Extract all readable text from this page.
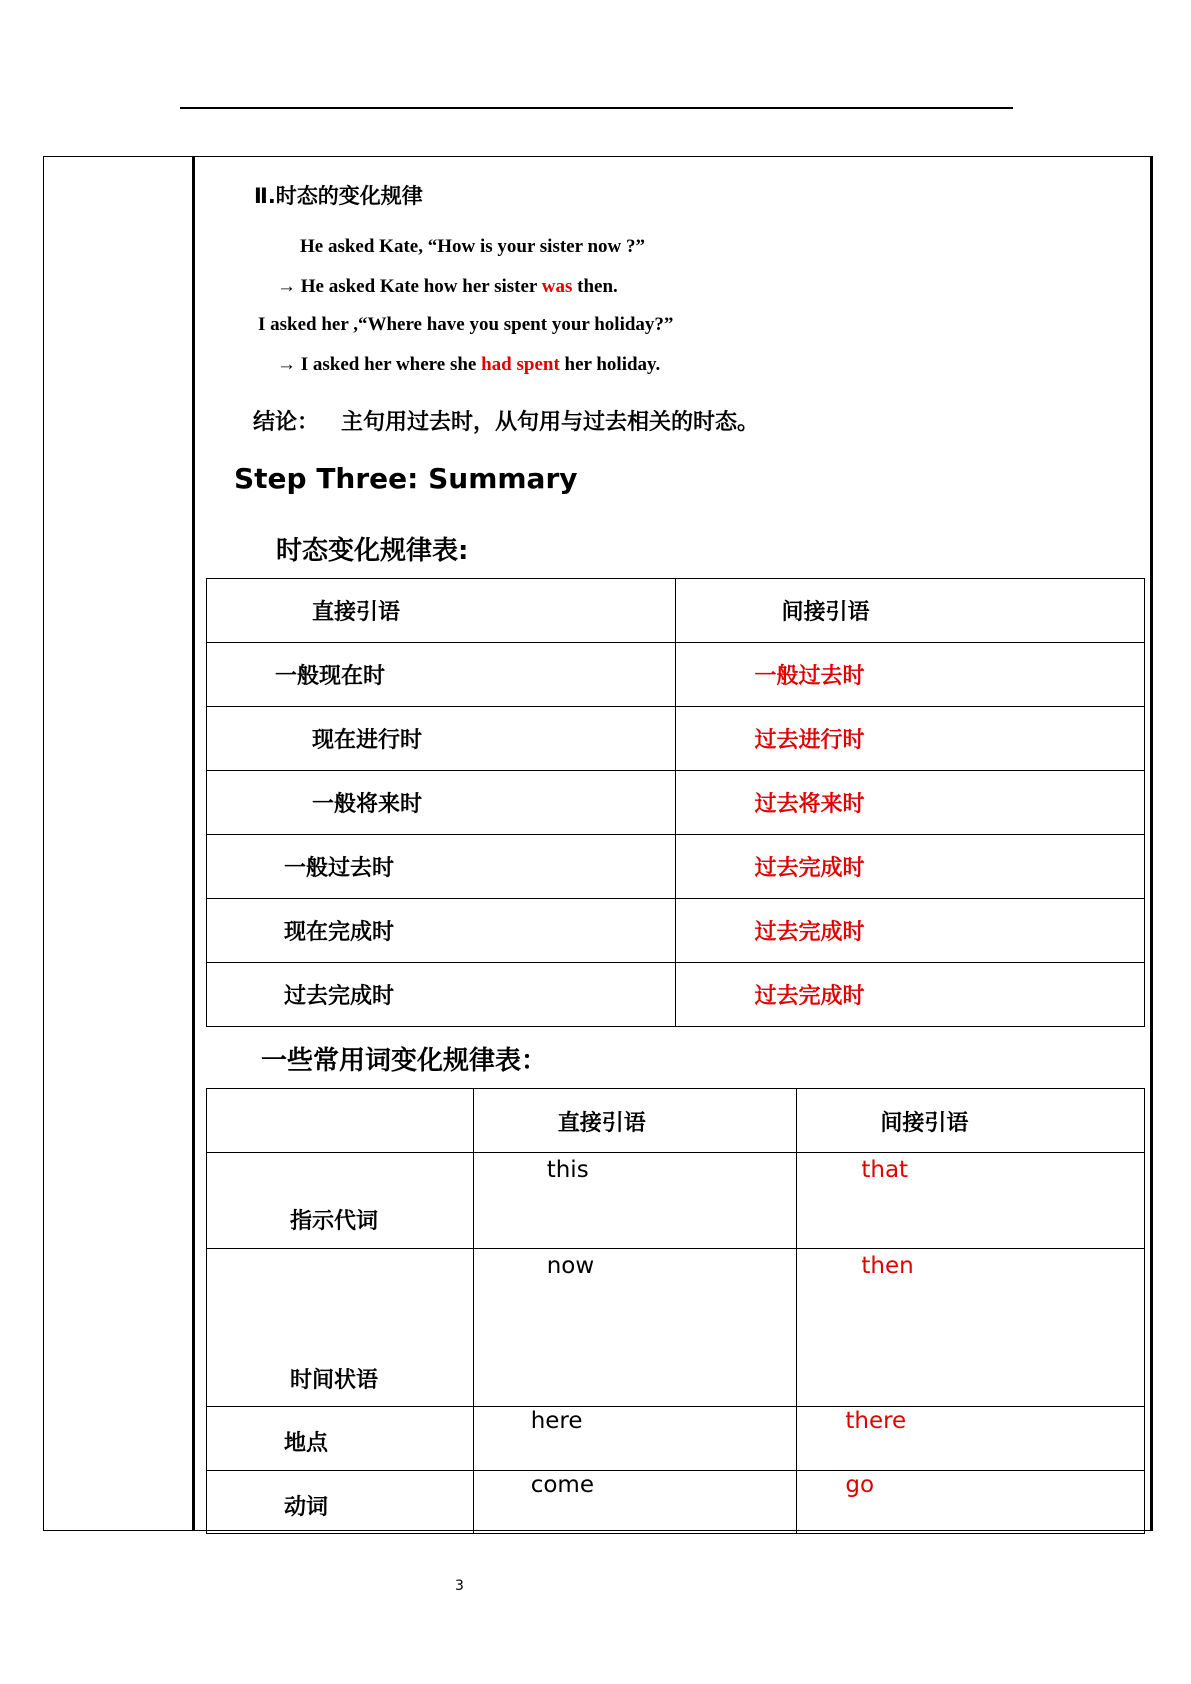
Ⅱ.时态的变化规律
He asked Kate, “How is your sister now ?”
→ He asked Kate how her sister was then.
I asked her ,“Where have you spent your holiday?”
→ I asked her where she had spent her holiday.
结论： 主句用过去时，从句用与过去相关的时态。
Step Three: Summary
时态变化规律表:
直接引语	间接引语
一般现在时	一般过去时
现在进行时	过去进行时
一般将来时	过去将来时
一般过去时	过去完成时
现在完成时	过去完成时
过去完成时	过去完成时
一些常用词变化规律表：

	直接引语	间接引语

指示代词	this	that

时间状语	now	then

地点	here	there

动词	come	go
3
